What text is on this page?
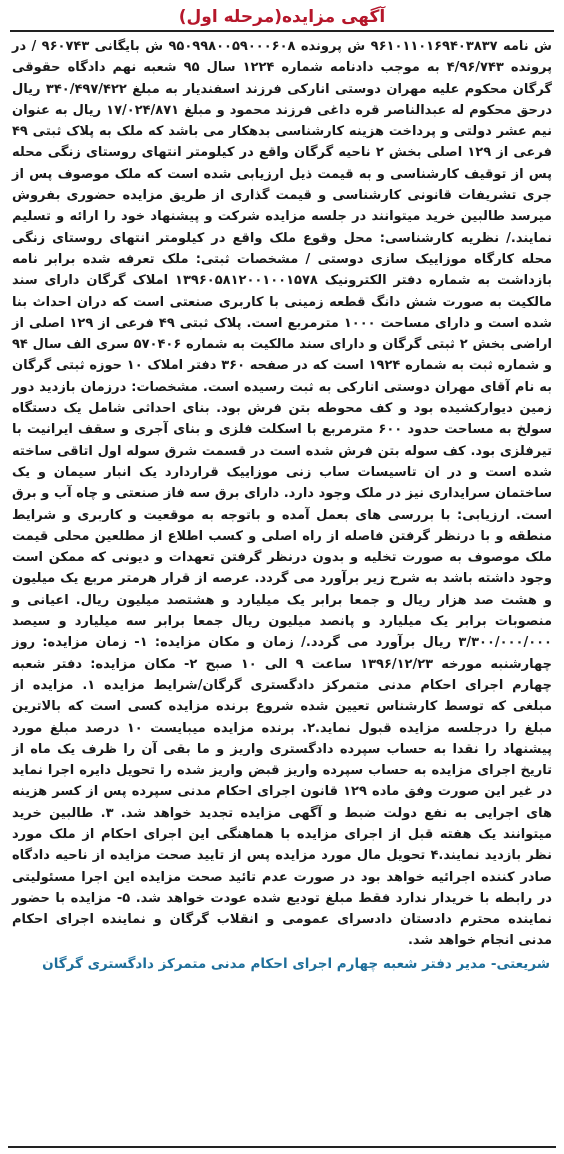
آگهی مزایده(مرحله اول)
ش نامه ۹۶۱۰۱۱۰۱۶۹۴۰۳۸۳۷ ش پرونده ۹۵۰۹۹۸۰۰۵۹۰۰۰۶۰۸ ش بایگانی ۹۶۰۷۴۳ / در پرونده ۴/۹۶/۷۴۳ به موجب دادنامه شماره ۱۲۲۴ سال ۹۵ شعبه نهم دادگاه حقوقی گرگان محکوم علیه مهران دوستی انارکی فرزند اسفندیار به مبلغ ۳۴۰/۴۹۷/۴۲۲ ریال درحق محکوم له عبدالناصر قره داغی فرزند محمود و مبلغ ۱۷/۰۲۴/۸۷۱ ریال به عنوان نیم عشر دولتی و پرداخت هزینه کارشناسی بدهکار می باشد که ملک به پلاک ثبتی ۴۹ فرعی از ۱۲۹ اصلی بخش ۲ ناحیه گرگان واقع در کیلومتر انتهای روستای زنگی محله پس از توقیف کارشناسی و به قیمت ذیل ارزیابی شده است که ملک موصوف پس از جری تشریفات قانونی کارشناسی و قیمت گذاری از طریق مزایده حضوری بفروش میرسد طالبین خرید میتوانند در جلسه مزایده شرکت و پیشنهاد خود را ارائه و تسلیم نمایند./ نظریه کارشناسی: محل وقوع ملک واقع در کیلومتر انتهای روستای زنگی محله کارگاه موزاییک سازی دوستی / مشخصات ثبتی: ملک تعرفه شده برابر نامه بازداشت به شماره دفتر الکترونیک ۱۳۹۶۰۵۸۱۲۰۰۱۰۰۱۵۷۸ املاک گرگان دارای سند مالکیت به صورت شش دانگ قطعه زمینی با کاربری صنعتی است که دران احداث بنا شده است و دارای مساحت ۱۰۰۰ مترمربع است. پلاک ثبتی ۴۹ فرعی از ۱۲۹ اصلی از اراضی بخش ۲ ثبتی گرگان و دارای سند مالکیت به شماره ۵۷۰۴۰۶ سری الف سال ۹۴ و شماره ثبت به شماره ۱۹۲۴ است که در صفحه ۳۶۰ دفتر املاک ۱۰ حوزه ثبتی گرگان به نام آقای مهران دوستی انارکی به ثبت رسیده است. مشخصات: درزمان بازدید دور زمین دیوارکشیده بود و کف محوطه بتن فرش بود. بنای احداثی شامل یک دستگاه سولخ به مساحت حدود ۶۰۰ مترمربع با اسکلت فلزی و بنای آجری و سقف ایرانیت با تیرفلزی بود. کف سوله بتن فرش شده است در قسمت شرق سوله اول اتاقی ساخته شده است و در ان تاسیسات ساب زنی موزاییک قراردارد یک انبار سیمان و یک ساختمان سرایداری نیز در ملک وجود دارد. دارای برق سه فاز صنعتی و چاه آب و برق است. ارزیابی: با بررسی های بعمل آمده و باتوجه به موقعیت و کاربری و شرایط منطقه و با درنظر گرفتن فاصله از راه اصلی و کسب اطلاع از مطلعین محلی قیمت ملک موصوف به صورت تخلیه و بدون درنظر گرفتن تعهدات و دیونی که ممکن است وجود داشته باشد به شرح زیر برآورد می گردد. عرصه از قرار هرمتر مربع یک میلیون و هشت صد هزار ریال و جمعا برابر یک میلیارد و هشتصد میلیون ریال. اعیانی و منصوبات برابر یک میلیارد و پانصد میلیون ریال جمعا برابر سه میلیارد و سیصد ۳/۳۰۰/۰۰۰/۰۰۰ ریال برآورد می گردد./ زمان و مکان مزایده: ۱- زمان مزایده: روز چهارشنبه مورخه ۱۳۹۶/۱۲/۲۳ ساعت ۹ الی ۱۰ صبح ۲- مکان مزایده: دفتر شعبه چهارم اجرای احکام مدنی متمرکز دادگستری گرگان/شرایط مزایده ۱. مزایده از مبلغی که توسط کارشناس تعیین شده شروع برنده مزایده کسی است که بالاترین مبلغ را درجلسه مزایده قبول نماید.۲. برنده مزایده میبایست ۱۰ درصد مبلغ مورد پیشنهاد را نقدا به حساب سپرده دادگستری واریز و ما بقی آن را ظرف یک ماه از تاریخ اجرای مزایده به حساب سپرده واریز قبض واریز شده را تحویل دایره اجرا نماید در غیر این صورت وفق ماده ۱۲۹ قانون اجرای احکام مدنی سپرده پس از کسر هزینه های اجرایی به نفع دولت ضبط و آگهی مزایده تجدید خواهد شد. ۳. طالبین خرید میتوانند یک هفته قبل از اجرای مزایده با هماهنگی این اجرای احکام از ملک مورد نظر بازدید نمایند.۴ تحویل مال مورد مزایده پس از تایید صحت مزایده از ناحیه دادگاه صادر کننده اجرائیه خواهد بود در صورت عدم تائید صحت مزایده این اجرا مسئولیتی در رابطه با خریدار ندارد فقط مبلغ تودیع شده عودت خواهد شد. ۵- مزایده با حضور نماینده محترم دادستان دادسرای عمومی و انقلاب گرگان و نماینده اجرای احکام مدنی انجام خواهد شد.
شریعتی- مدیر دفتر شعبه چهارم اجرای احکام مدنی متمرکز دادگستری گرگان
